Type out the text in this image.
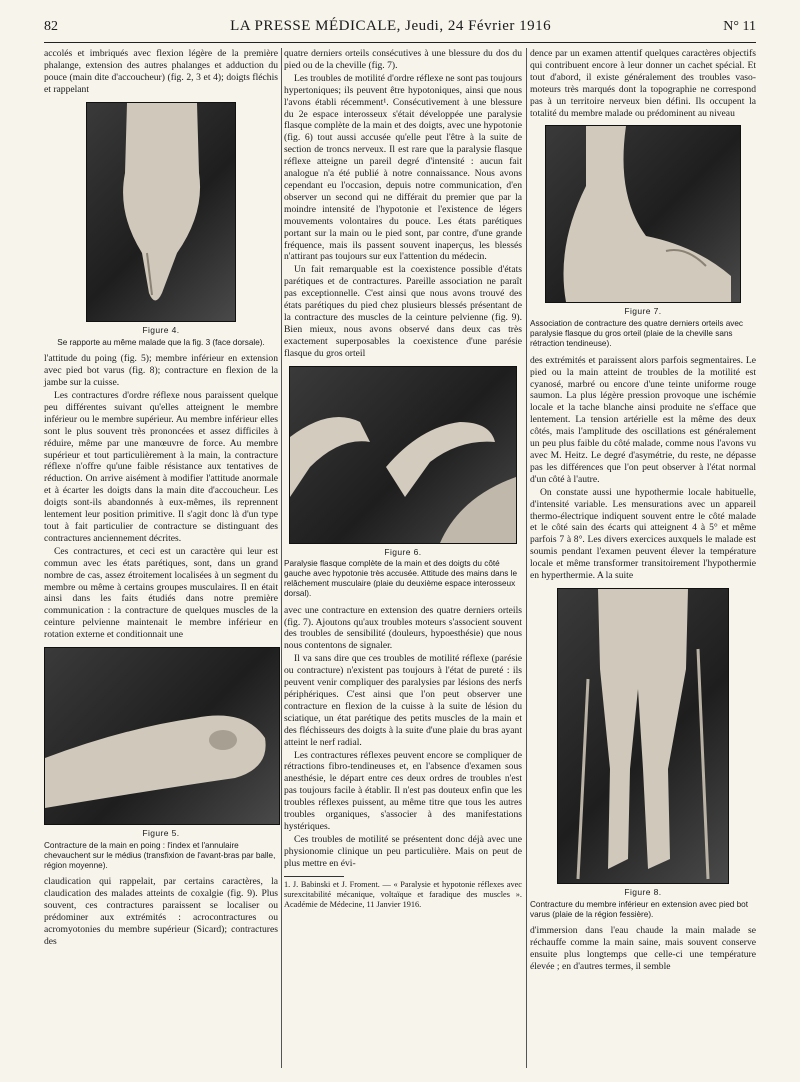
82	LA PRESSE MÉDICALE, Jeudi, 24 Février 1916	N° 11

accolés et imbriqués avec flexion légère de la première phalange, extension des autres phalanges et adduction du pouce (main dite d'accoucheur) (fig. 2, 3 et 4); doigts fléchis et rappelant

Figure 4.
Se rapporte au même malade que la fig. 3 (face dorsale).

l'attitude du poing (fig. 5); membre inférieur en extension avec pied bot varus (fig. 8); contracture en flexion de la jambe sur la cuisse.

Les contractures d'ordre réflexe nous paraissent quelque peu différentes suivant qu'elles atteignent le membre inférieur ou le membre supérieur. Au membre inférieur elles sont le plus souvent très prononcées et assez difficiles à réduire, même par une manœuvre de force. Au membre supérieur et tout particulièrement à la main, la contracture réflexe n'offre qu'une faible résistance aux tentatives de réduction. On arrive aisément à modifier l'attitude anormale et à écarter les doigts dans la main dite d'accoucheur. Les doigts sont-ils abandonnés à eux-mêmes, ils reprennent lentement leur position primitive. Il s'agit donc là d'un type tout à fait particulier de contracture se distinguant des contractures anciennement décrites.

Ces contractures, et ceci est un caractère qui leur est commun avec les états parétiques, sont, dans un grand nombre de cas, assez étroitement localisées à un segment du membre ou même à certains groupes musculaires. Il en était ainsi dans les faits étudiés dans notre première communication : la contracture de quelques muscles de la ceinture pelvienne maintenait le membre inférieur en rotation externe et conditionnait une

Figure 5.
Contracture de la main en poing : l'index et l'annulaire chevauchent sur le médius (transfixion de l'avant-bras par balle, région moyenne).

claudication qui rappelait, par certains caractères, la claudication des malades atteints de coxalgie (fig. 9). Plus souvent, ces contractures paraissent se localiser ou prédominer aux extrémités : acrocontractures ou acromyotonies du membre supérieur (Sicard); contractures des

quatre derniers orteils consécutives à une blessure du dos du pied ou de la cheville (fig. 7).

Les troubles de motilité d'ordre réflexe ne sont pas toujours hypertoniques; ils peuvent être hypotoniques, ainsi que nous l'avons établi récemment¹. Consécutivement à une blessure du 2e espace interosseux s'était développée une paralysie flasque complète de la main et des doigts, avec une hypotonie (fig. 6) tout aussi accusée qu'elle peut l'être à la suite de section de troncs nerveux. Il est rare que la paralysie flasque réflexe atteigne un pareil degré d'intensité : aucun fait analogue n'a été publié à notre connaissance. Nous avons cependant eu l'occasion, depuis notre communication, d'en observer un second qui ne différait du premier que par la moindre intensité de l'hypotonie et l'existence de légers mouvements volontaires du pouce. Les états parétiques portant sur la main ou le pied sont, par contre, d'une grande fréquence, mais ils passent souvent inaperçus, les blessés n'attirant pas toujours sur eux l'attention du médecin.

Un fait remarquable est la coexistence possible d'états parétiques et de contractures. Pareille association ne paraît pas exceptionnelle. C'est ainsi que nous avons trouvé des états parétiques du pied chez plusieurs blessés présentant de la contracture des muscles de la ceinture pelvienne (fig. 9). Bien mieux, nous avons observé dans deux cas très exactement superposables la coexistence d'une parésie flasque du gros orteil

Figure 6.
Paralysie flasque complète de la main et des doigts du côté gauche avec hypotonie très accusée. Attitude des mains dans le relâchement musculaire (plaie du deuxième espace interosseux dorsal).

avec une contracture en extension des quatre derniers orteils (fig. 7). Ajoutons qu'aux troubles moteurs s'associent souvent des troubles de sensibilité (douleurs, hypoesthésie) que nous nous contentons de signaler.

Il va sans dire que ces troubles de motilité réflexe (parésie ou contracture) n'existent pas toujours à l'état de pureté : ils peuvent venir compliquer des paralysies par lésions des nerfs périphériques. C'est ainsi que l'on peut observer une contracture en flexion de la cuisse à la suite de lésion du sciatique, un état parétique des petits muscles de la main et des fléchisseurs des doigts à la suite d'une plaie du bras ayant atteint le nerf radial.

Les contractures réflexes peuvent encore se compliquer de rétractions fibro-tendineuses et, en l'absence d'examen sous anesthésie, le départ entre ces deux ordres de troubles n'est pas toujours facile à établir. Il n'est pas douteux enfin que les troubles réflexes puissent, au même titre que tous les autres troubles organiques, s'associer à des manifestations hystériques.

Ces troubles de motilité se présentent donc déjà avec une physionomie clinique un peu particulière. Mais on peut de plus mettre en évi-

1. J. Babinski et J. Froment. — « Paralysie et hypotonie réflexes avec surexcitabilité mécanique, voltaïque et faradique des muscles ». Académie de Médecine, 11 Janvier 1916.

dence par un examen attentif quelques caractères objectifs qui contribuent encore à leur donner un cachet spécial. Et tout d'abord, il existe généralement des troubles vaso-moteurs très marqués dont la topographie ne correspond pas à un territoire nerveux bien défini. Ils occupent la totalité du membre malade ou prédominent au niveau

Figure 7.
Association de contracture des quatre derniers orteils avec paralysie flasque du gros orteil (plaie de la cheville sans rétraction tendineuse).

des extrémités et paraissent alors parfois segmentaires. Le pied ou la main atteint de troubles de la motilité est cyanosé, marbré ou encore d'une teinte uniforme rouge saumon. La plus légère pression provoque une ischémie locale et la tache blanche ainsi produite ne s'efface que lentement. La tension artérielle est la même des deux côtés, mais l'amplitude des oscillations est généralement un peu plus faible du côté malade, comme nous l'avons vu avec M. Heitz. Le degré d'asymétrie, du reste, ne dépasse pas les différences que l'on peut observer à l'état normal d'un côté à l'autre.

On constate aussi une hypothermie locale habituelle, d'intensité variable. Les mensurations avec un appareil thermo-électrique indiquent souvent entre le côté malade et le côté sain des écarts qui atteignent 4 à 5° et même parfois 7 à 8°. Les divers exercices auxquels le malade est soumis pendant l'examen peuvent élever la température locale et même transformer transitoirement l'hypothermie en hyperthermie. A la suite

Figure 8.
Contracture du membre inférieur en extension avec pied bot varus (plaie de la région fessière).

d'immersion dans l'eau chaude la main malade se réchauffe comme la main saine, mais souvent conserve ensuite plus longtemps que celle-ci une température élevée ; en d'autres termes, il semble
